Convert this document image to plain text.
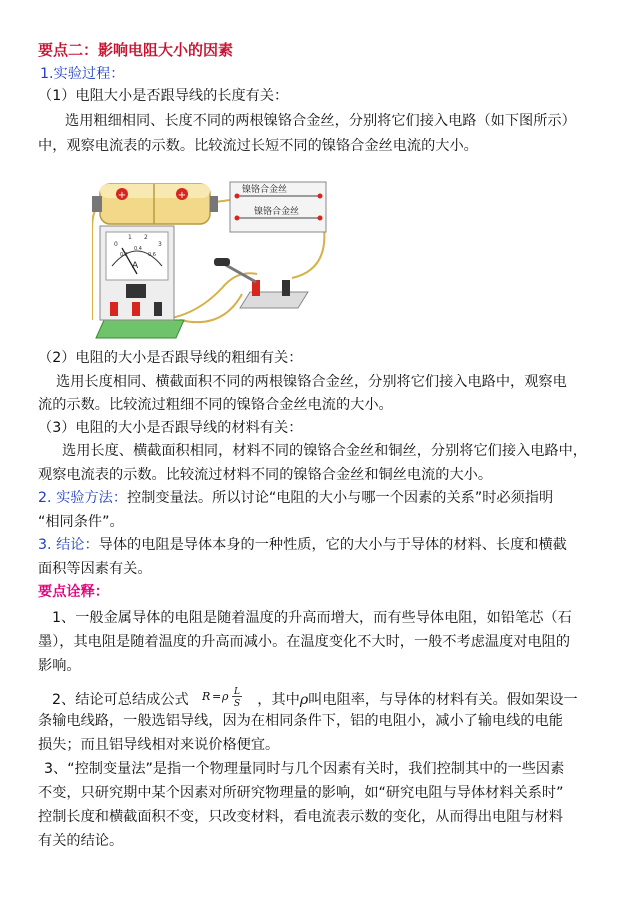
要点二：影响电阻大小的因素
1.实验过程：
（1）电阻大小是否跟导线的长度有关：
选用粗细相同、长度不同的两根镍铬合金丝，分别将它们接入电路（如下图所示）
中，观察电流表的示数。比较流过长短不同的镍铬合金丝电流的大小。
+	+	镍铬合金丝
镍铬合金丝
0
1 2
3
0.2
0.4
0.6
A
（2）电阻的大小是否跟导线的粗细有关：
选用长度相同、横截面积不同的两根镍铬合金丝，分别将它们接入电路中，观察电
流的示数。比较流过粗细不同的镍铬合金丝电流的大小。
（3）电阻的大小是否跟导线的材料有关：
选用长度、横截面积相同，材料不同的镍铬合金丝和铜丝，分别将它们接入电路中，
观察电流表的示数。比较流过材料不同的镍铬合金丝和铜丝电流的大小。
2. 实验方法：控制变量法。所以讨论“电阻的大小与哪一个因素的关系”时必须指明
“相同条件”。
3. 结论：导体的电阻是导体本身的一种性质，它的大小与于导体的材料、长度和横截
面积等因素有关。
要点诠释：
1、一般金属导体的电阻是随着温度的升高而增大，而有些导体电阻，如铅笔芯（石
墨），其电阻是随着温度的升高而减小。在温度变化不大时，一般不考虑温度对电阻的
影响。
2、结论可总结成公式 R = ρ L
S ，其中ρ叫电阻率，与导体的材料有关。假如架设一
条输电线路，一般选铝导线，因为在相同条件下，铝的电阻小，减小了输电线的电能
损失；而且铝导线相对来说价格便宜。
3、“控制变量法”是指一个物理量同时与几个因素有关时，我们控制其中的一些因素
不变，只研究期中某个因素对所研究物理量的影响，如“研究电阻与导体材料关系时”
控制长度和横截面积不变，只改变材料，看电流表示数的变化，从而得出电阻与材料
有关的结论。
